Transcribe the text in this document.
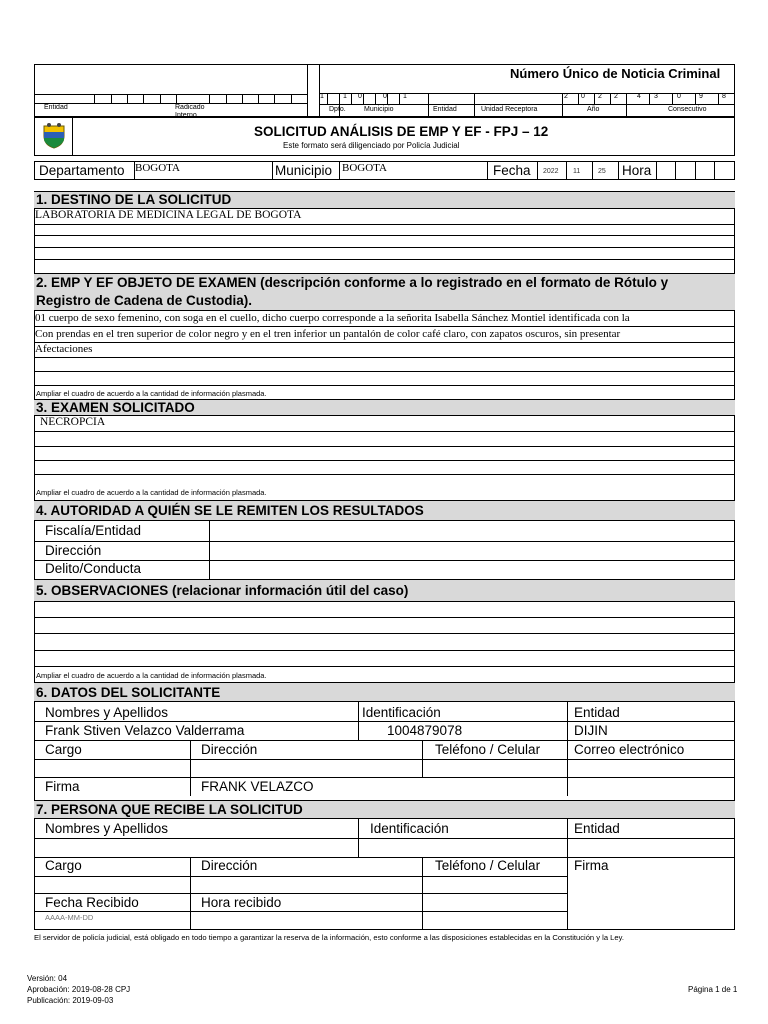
Número Único de Noticia Criminal
Entidad	Radicado Interno
1	1 0	0 1	2 0 2 2	4 3	0	9	8
Dpto.	Municipio	Entidad	Unidad Receptora	Año	Consecutivo
SOLICITUD ANÁLISIS DE EMP Y EF - FPJ – 12
Este formato será diligenciado por Policía Judicial
Departamento BOGOTA	Municipio BOGOTA	Fecha 2022 11	25 Hora
1. DESTINO DE LA SOLICITUD
LABORATORIA DE MEDICINA LEGAL DE BOGOTA
2. EMP Y EF OBJETO DE EXAMEN (descripción conforme a lo registrado en el formato de Rótulo y
Registro de Cadena de Custodia).
01 cuerpo de sexo femenino, con soga en el cuello, dicho cuerpo corresponde a la señorita Isabella Sánchez Montiel identificada con la
Con prendas en el tren superior de color negro y en el tren inferior un pantalón de color café claro, con zapatos oscuros, sin presentar
Afectaciones
Ampliar el cuadro de acuerdo a la cantidad de información plasmada.
3. EXAMEN SOLICITADO
NECROPCIA
Ampliar el cuadro de acuerdo a la cantidad de información plasmada.
4. AUTORIDAD A QUIÉN SE LE REMITEN LOS RESULTADOS
Fiscalía/Entidad
Dirección
Delito/Conducta
5. OBSERVACIONES (relacionar información útil del caso)
Ampliar el cuadro de acuerdo a la cantidad de información plasmada.
6. DATOS DEL SOLICITANTE
Nombres y Apellidos	Identificación	Entidad
Frank Stiven Velazco Valderrama	1004879078	DIJIN
Cargo	Dirección	Teléfono / Celular	Correo electrónico
Firma	FRANK VELAZCO
7. PERSONA QUE RECIBE LA SOLICITUD
Nombres y Apellidos	Identificación	Entidad
Cargo	Dirección	Teléfono / Celular	Firma
Fecha Recibido	Hora recibido
AAAA-MM-DD
El servidor de policía judicial, está obligado en todo tiempo a garantizar la reserva de la información, esto conforme a las disposiciones establecidas en la Constitución y la Ley.
Versión: 04
Aprobación: 2019-08-28 CPJ
Publicación: 2019-09-03
Página 1 de 1
